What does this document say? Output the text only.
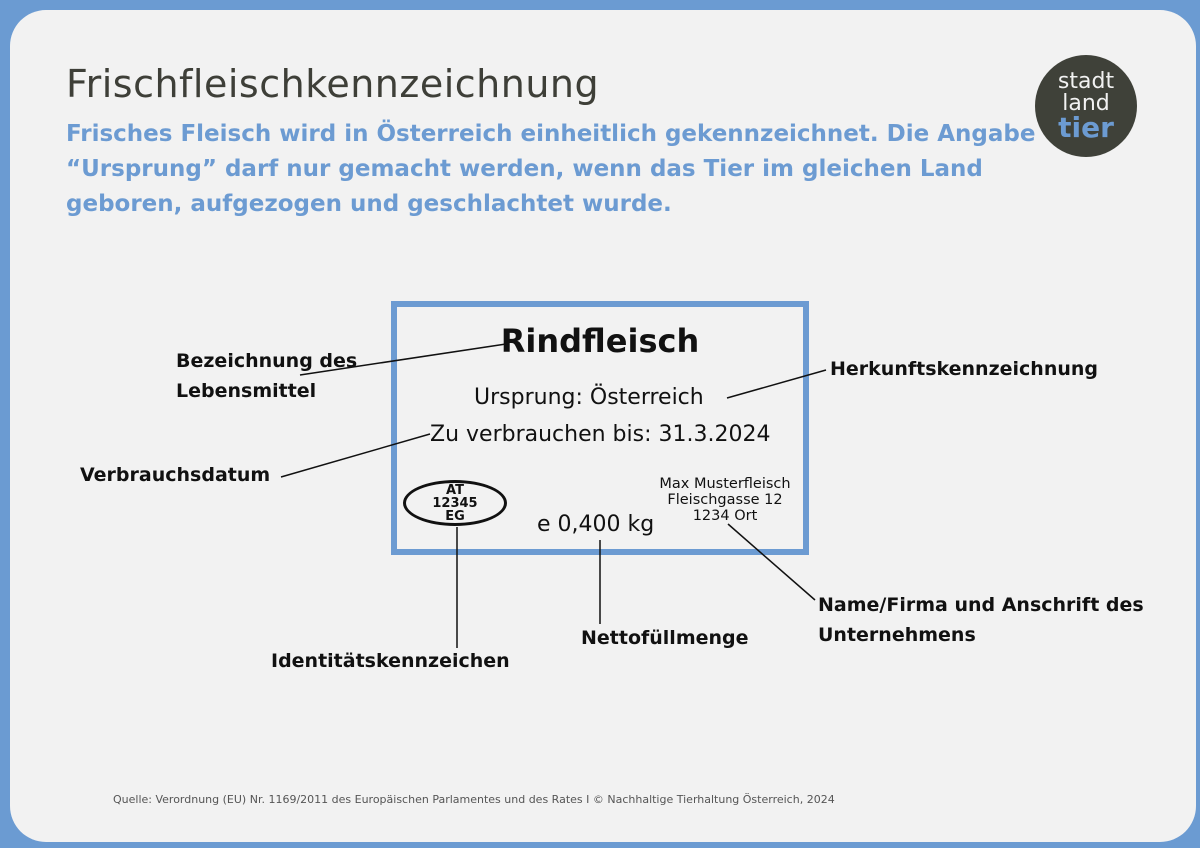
Frischfleischkennzeichnung
Frisches Fleisch wird in Österreich einheitlich gekennzeichnet. Die Angabe “Ursprung” darf nur gemacht werden, wenn das Tier im gleichen Land geboren, aufgezogen und geschlachtet wurde.
stadt
land
tier
Rindfleisch
Ursprung: Österreich
Zu verbrauchen bis: 31.3.2024
e 0,400 kg
Max Musterfleisch
Fleischgasse 12
1234 Ort
AT
12345
EG
Bezeichnung des
Lebensmittel
Herkunftskennzeichnung
Verbrauchsdatum
Identitätskennzeichen
Nettofüllmenge
Name/Firma und Anschrift des
Unternehmens
Quelle: Verordnung (EU) Nr. 1169/2011 des Europäischen Parlamentes und des Rates I © Nachhaltige Tierhaltung Österreich, 2024
